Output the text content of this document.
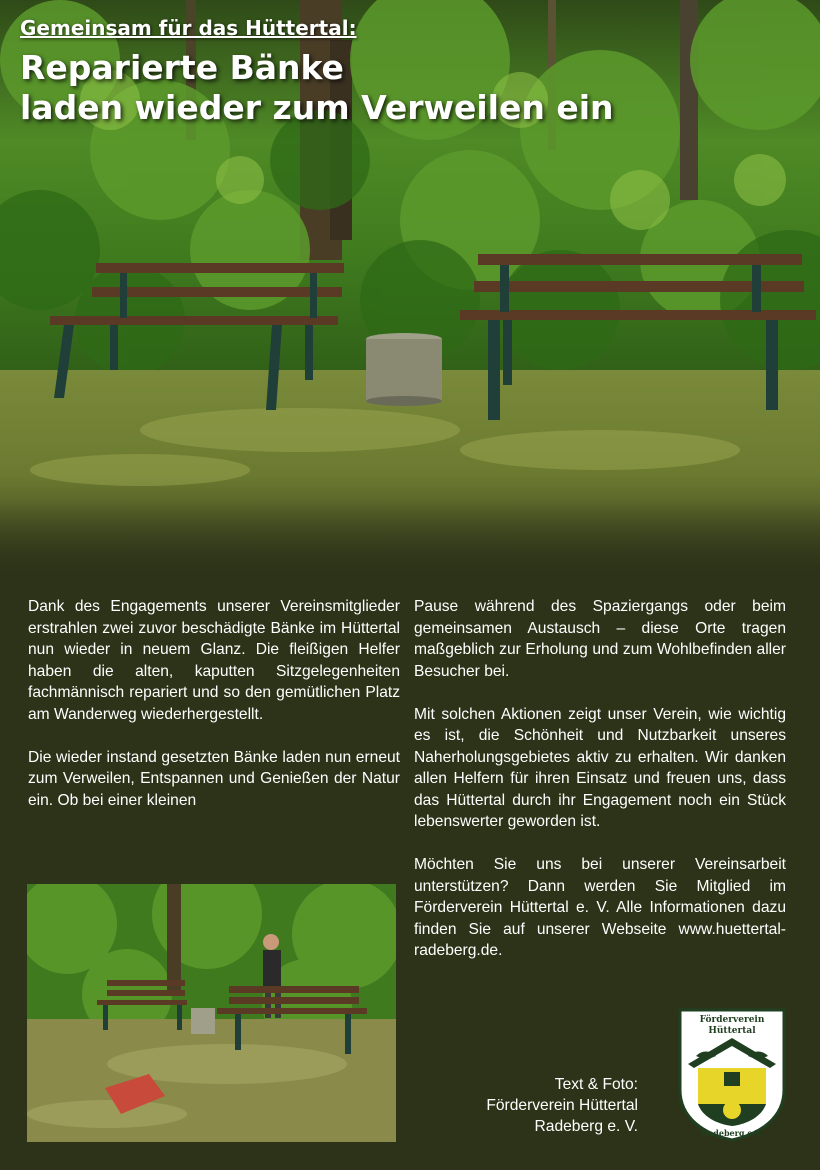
Gemeinsam für das Hüttertal:
Reparierte Bänke
laden wieder zum Verweilen ein

Dank des Engagements unserer Vereinsmitglieder erstrahlen zwei zuvor beschädigte Bänke im Hüttertal nun wieder in neuem Glanz. Die fleißigen Helfer haben die alten, kaputten Sitzgelegenheiten fachmännisch repariert und so den gemütlichen Platz am Wanderweg wiederhergestellt.

Die wieder instand gesetzten Bänke laden nun erneut zum Verweilen, Entspannen und Genießen der Natur ein. Ob bei einer kleinen

Pause während des Spaziergangs oder beim gemeinsamen Austausch – diese Orte tragen maßgeblich zur Erholung und zum Wohlbefinden aller Besucher bei.

Mit solchen Aktionen zeigt unser Verein, wie wichtig es ist, die Schönheit und Nutzbarkeit unseres Naherholungsgebietes aktiv zu erhalten. Wir danken allen Helfern für ihren Einsatz und freuen uns, dass das Hüttertal durch ihr Engagement noch ein Stück lebenswerter geworden ist.

Möchten Sie uns bei unserer Vereinsarbeit unterstützen? Dann werden Sie Mitglied im Förderverein Hüttertal e. V. Alle Informationen dazu finden Sie auf unserer Webseite www.huettertal-radeberg.de.

Text & Foto:
Förderverein Hüttertal
Radeberg e. V.
Förderverein
Hüttertal
Radeberg e.V.
